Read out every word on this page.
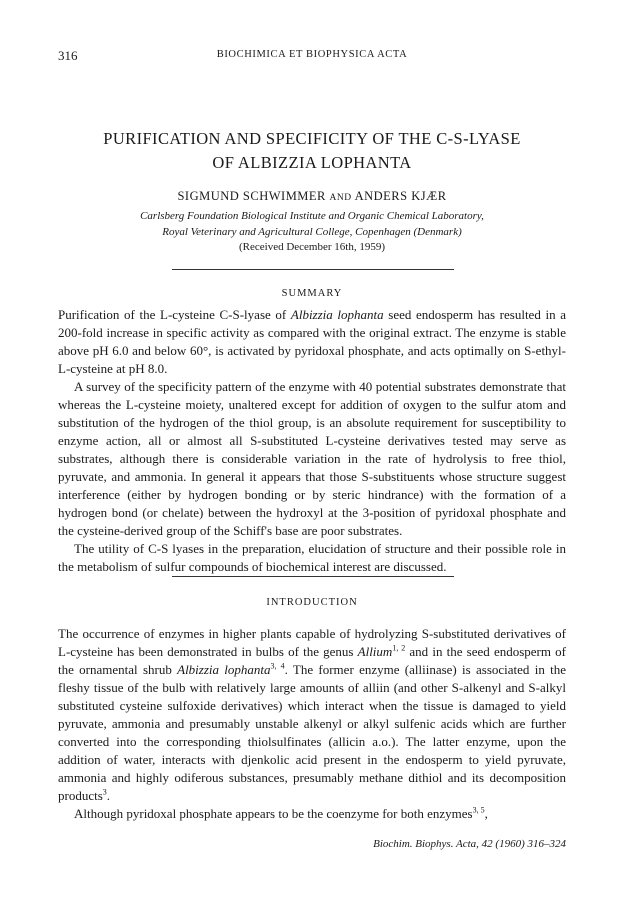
316	BIOCHIMICA ET BIOPHYSICA ACTA
PURIFICATION AND SPECIFICITY OF THE C-S-LYASE
OF ALBIZZIA LOPHANTA
SIGMUND SCHWIMMER AND ANDERS KJÆR
Carlsberg Foundation Biological Institute and Organic Chemical Laboratory,
Royal Veterinary and Agricultural College, Copenhagen (Denmark)
(Received December 16th, 1959)
SUMMARY

Purification of the L-cysteine C-S-lyase of Albizzia lophanta seed endosperm has resulted in a 200-fold increase in specific activity as compared with the original extract. The enzyme is stable above pH 6.0 and below 60°, is activated by pyridoxal phosphate, and acts optimally on S-ethyl-L-cysteine at pH 8.0.

A survey of the specificity pattern of the enzyme with 40 potential substrates demonstrate that whereas the L-cysteine moiety, unaltered except for addition of oxygen to the sulfur atom and substitution of the hydrogen of the thiol group, is an absolute requirement for susceptibility to enzyme action, all or almost all S-substituted L-cysteine derivatives tested may serve as substrates, although there is considerable variation in the rate of hydrolysis to free thiol, pyruvate, and ammonia. In general it appears that those S-substituents whose structure suggest interference (either by hydrogen bonding or by steric hindrance) with the formation of a hydrogen bond (or chelate) between the hydroxyl at the 3-position of pyridoxal phosphate and the cysteine-derived group of the Schiff's base are poor substrates.

The utility of C-S lyases in the preparation, elucidation of structure and their possible role in the metabolism of sulfur compounds of biochemical interest are discussed.

INTRODUCTION

The occurrence of enzymes in higher plants capable of hydrolyzing S-substituted derivatives of L-cysteine has been demonstrated in bulbs of the genus Allium$^{1, 2}$ and in the seed endosperm of the ornamental shrub Albizzia lophanta$^{3, 4}$. The former enzyme (alliinase) is associated in the fleshy tissue of the bulb with relatively large amounts of alliin (and other S-alkenyl and S-alkyl substituted cysteine sulfoxide derivatives) which interact when the tissue is damaged to yield pyruvate, ammonia and presumably unstable alkenyl or alkyl sulfenic acids which are further converted into the corresponding thiolsulfinates (allicin a.o.). The latter enzyme, upon the addition of water, interacts with djenkolic acid present in the endosperm to yield pyruvate, ammonia and highly odiferous substances, presumably methane dithiol and its decomposition products$^3$.

Although pyridoxal phosphate appears to be the coenzyme for both enzymes$^{3, 5}$,

Biochim. Biophys. Acta, 42 (1960) 316–324
